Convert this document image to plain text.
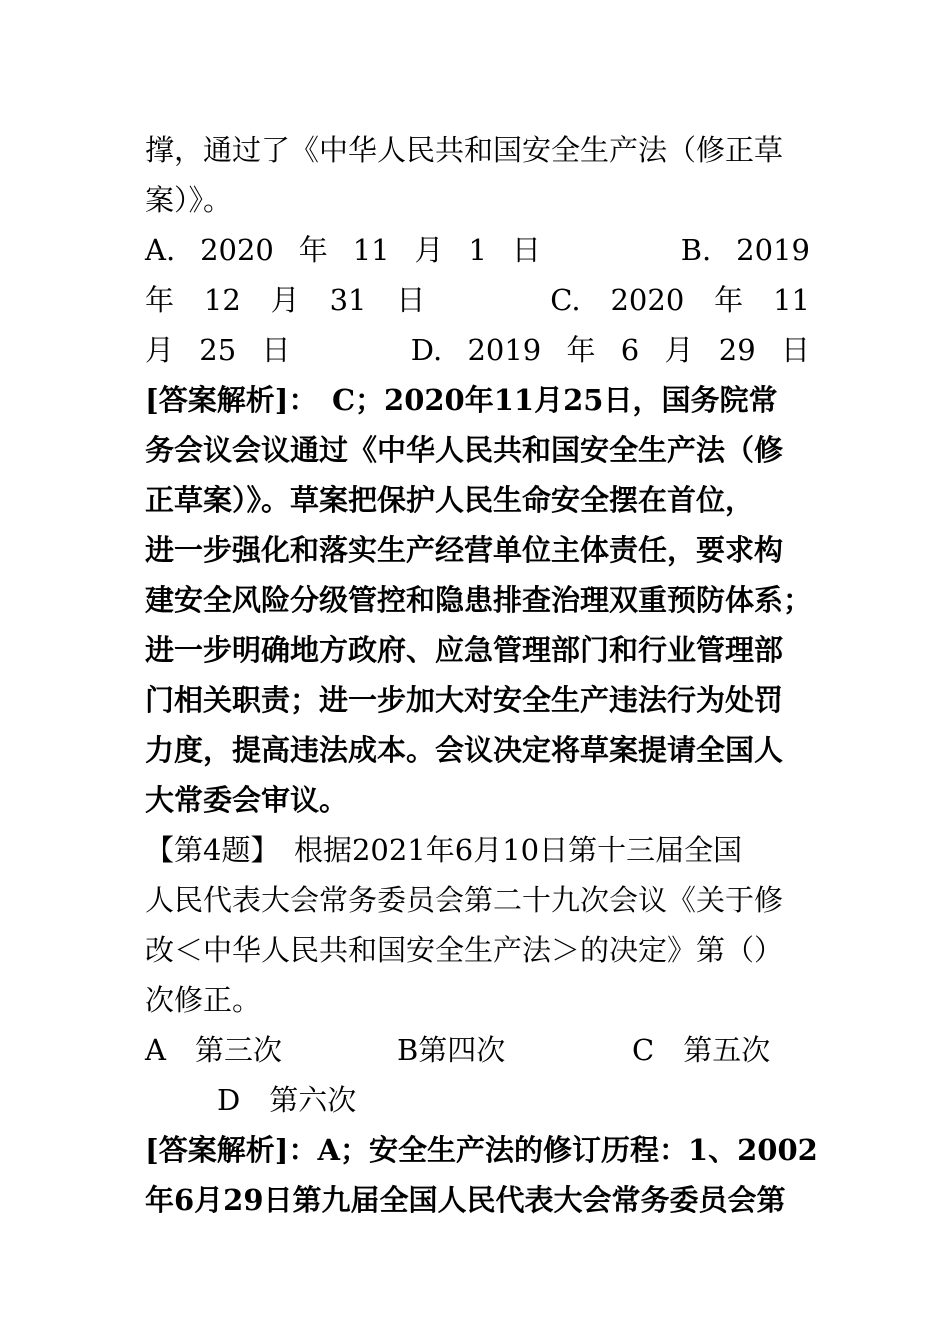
撑，通过了《中华人民共和国安全生产法（修正草
案）》。
A. 2020 年 11 月 1 日	B. 2019
年 12 月 31 日	C. 2020 年 11
月 25 日	D. 2019 年 6 月 29 日
[答案解析]：　C；2020年11月25日，国务院常
务会议会议通过《中华人民共和国安全生产法（修
正草案）》。草案把保护人民生命安全摆在首位，
进一步强化和落实生产经营单位主体责任，要求构
建安全风险分级管控和隐患排查治理双重预防体系；
进一步明确地方政府、应急管理部门和行业管理部
门相关职责；进一步加大对安全生产违法行为处罚
力度，提高违法成本。会议决定将草案提请全国人
大常委会审议。
【第4题】　根据2021年6月10日第十三届全国
人民代表大会常务委员会第二十九次会议《关于修
改＜中华人民共和国安全生产法＞的决定》第（）
次修正。
A　第三次	B第四次	C　第五次
D　第六次
[答案解析]：A；安全生产法的修订历程：1、2002
年6月29日第九届全国人民代表大会常务委员会第
